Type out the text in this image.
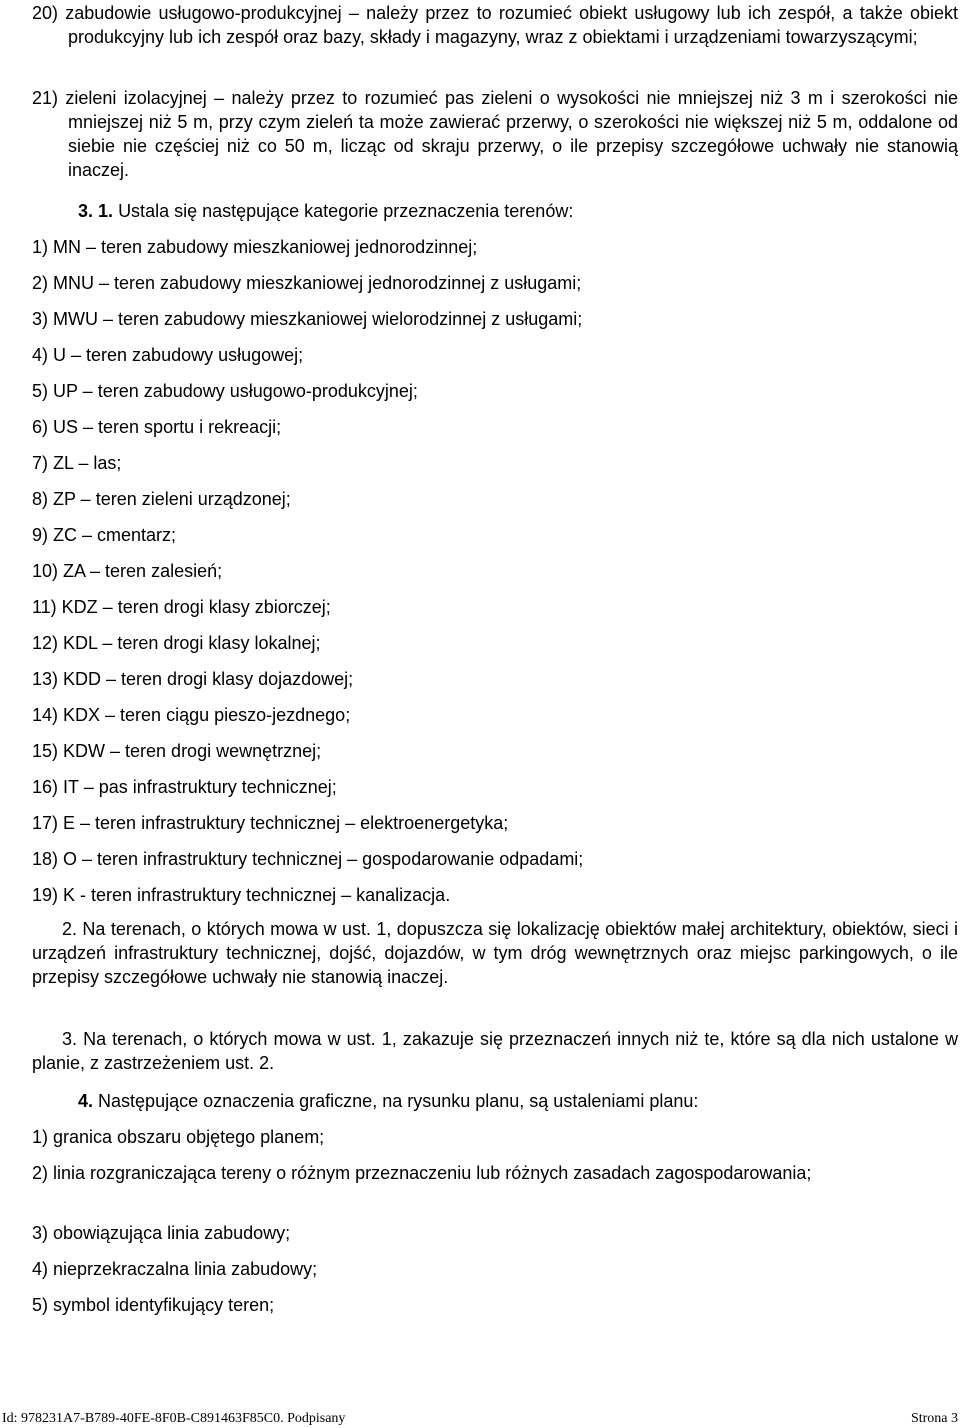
20) zabudowie usługowo-produkcyjnej – należy przez to rozumieć obiekt usługowy lub ich zespół, a także obiekt produkcyjny lub ich zespół oraz bazy, składy i magazyny, wraz z obiektami i urządzeniami towarzyszącymi;

21) zieleni izolacyjnej – należy przez to rozumieć pas zieleni o wysokości nie mniejszej niż 3 m i szerokości nie mniejszej niż 5 m, przy czym zieleń ta może zawierać przerwy, o szerokości nie większej niż 5 m, oddalone od siebie nie częściej niż co 50 m, licząc od skraju przerwy, o ile przepisy szczegółowe uchwały nie stanowią inaczej.

3. 1. Ustala się następujące kategorie przeznaczenia terenów:

1) MN – teren zabudowy mieszkaniowej jednorodzinnej;

2) MNU – teren zabudowy mieszkaniowej jednorodzinnej z usługami;

3) MWU – teren zabudowy mieszkaniowej wielorodzinnej z usługami;

4) U – teren zabudowy usługowej;

5) UP – teren zabudowy usługowo-produkcyjnej;

6) US – teren sportu i rekreacji;

7) ZL – las;

8) ZP – teren zieleni urządzonej;

9) ZC – cmentarz;

10) ZA – teren zalesień;

11) KDZ – teren drogi klasy zbiorczej;

12) KDL – teren drogi klasy lokalnej;

13) KDD – teren drogi klasy dojazdowej;

14) KDX – teren ciągu pieszo-jezdnego;

15) KDW – teren drogi wewnętrznej;

16) IT – pas infrastruktury technicznej;

17) E – teren infrastruktury technicznej – elektroenergetyka;

18) O – teren infrastruktury technicznej – gospodarowanie odpadami;

19) K - teren infrastruktury technicznej – kanalizacja.

2. Na terenach, o których mowa w ust. 1, dopuszcza się lokalizację obiektów małej architektury, obiektów, sieci i urządzeń infrastruktury technicznej, dojść, dojazdów, w tym dróg wewnętrznych oraz miejsc parkingowych, o ile przepisy szczegółowe uchwały nie stanowią inaczej.

3. Na terenach, o których mowa w ust. 1, zakazuje się przeznaczeń innych niż te, które są dla nich ustalone w planie, z zastrzeżeniem ust. 2.

4. Następujące oznaczenia graficzne, na rysunku planu, są ustaleniami planu:

1) granica obszaru objętego planem;

2) linia rozgraniczająca tereny o różnym przeznaczeniu lub różnych zasadach zagospodarowania;

3) obowiązująca linia zabudowy;

4) nieprzekraczalna linia zabudowy;

5) symbol identyfikujący teren;

Id: 978231A7-B789-40FE-8F0B-C891463F85C0. Podpisany	Strona 3
